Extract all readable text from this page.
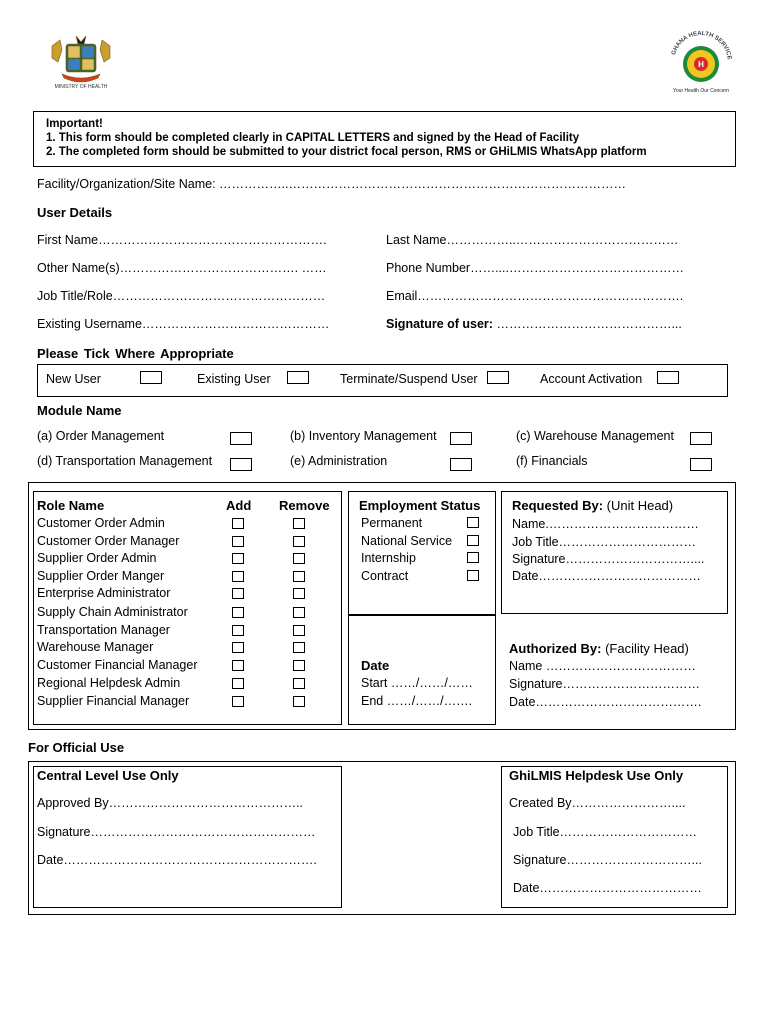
MINISTRY OF HEALTH
GHANA HEALTH SERVICE
H
Your Health Our Concern
Important!
1. This form should be completed clearly in CAPITAL LETTERS and signed by the Head of Facility
2. The completed form should be submitted to your district focal person, RMS or GHiLMIS WhatsApp platform
Facility/Organization/Site Name: ……………..………………………………………………………………………
User Details
First Name……………………………………………….	Last Name……………..…………………………………
Other Name(s)……………………………………. ……	Phone Number……....……………………………………
Job Title/Role……………………………………………	Email……………………………………………………….
Existing Username………………………………………	Signature of user: ……………………………………...
Please Tick Where Appropriate
New User	Existing User	Terminate/Suspend User	Account Activation
Module Name
(a) Order Management	(b) Inventory Management	(c) Warehouse Management
(d) Transportation Management	(e) Administration	(f) Financials
Role Name	Add Remove
Customer Order Admin
Customer Order Manager
Supplier Order Admin
Supplier Order Manger
Enterprise Administrator
Supply Chain Administrator
Transportation Manager
Warehouse Manager
Customer Financial Manager
Regional Helpdesk Admin
Supplier Financial Manager
Employment Status
Permanent
National Service
Internship
Contract
Date
Start ……/……/……
End ……/……/…….
Requested By: (Unit Head)
Name.………………………………
Job Title……………………………
Signature…………………………....
Date…………………………………
Authorized By: (Facility Head)
Name ………………………………
Signature……………………………
Date………………………………….
For Official Use
Central Level Use Only
Approved By………………………………………..
Signature………………………………………………
Date…………………………………………………….
GhiLMIS Helpdesk Use Only
Created By……………………....
Job Title……………………………
Signature…………………………...
Date…………………………………
